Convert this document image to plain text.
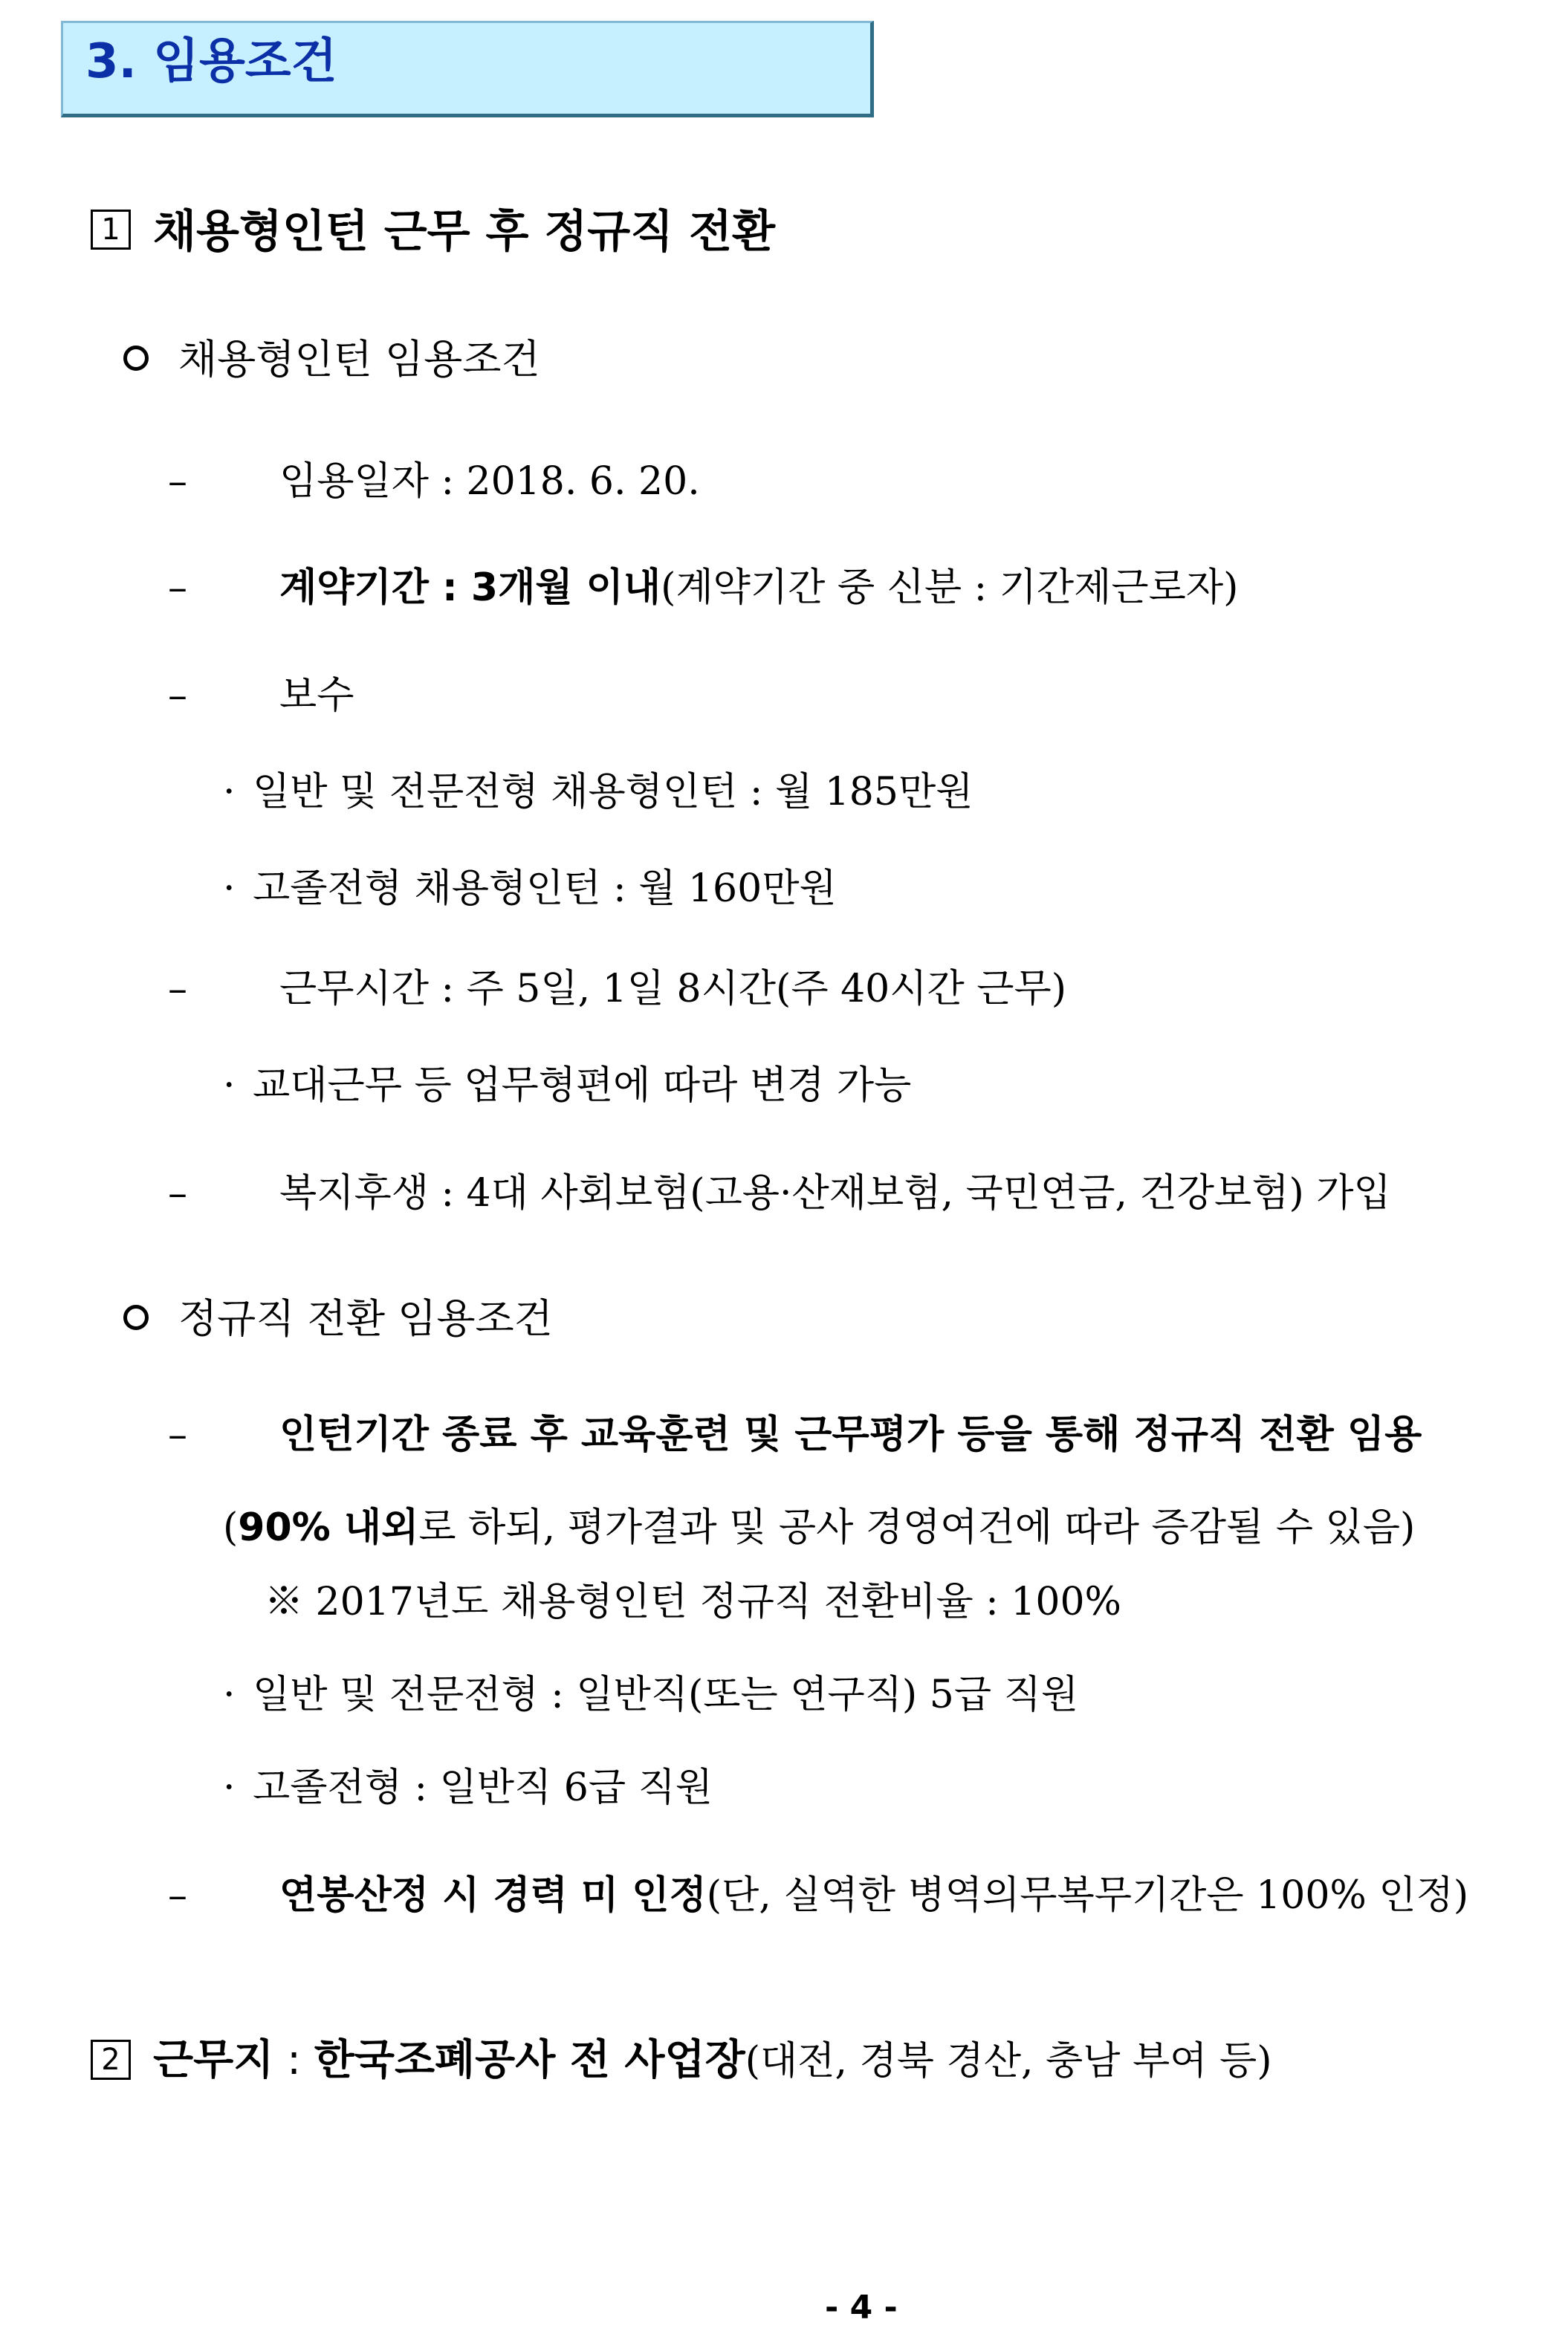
3. 임용조건
1 채용형인턴 근무 후 정규직 전환
채용형인턴 임용조건
– 임용일자 : 2018. 6. 20.
– 계약기간 : 3개월 이내(계약기간 중 신분 : 기간제근로자)
– 보수
· 일반 및 전문전형 채용형인턴 : 월 185만원
· 고졸전형 채용형인턴 : 월 160만원
– 근무시간 : 주 5일, 1일 8시간(주 40시간 근무)
· 교대근무 등 업무형편에 따라 변경 가능
– 복지후생 : 4대 사회보험(고용·산재보험, 국민연금, 건강보험) 가입
정규직 전환 임용조건
– 인턴기간 종료 후 교육훈련 및 근무평가 등을 통해 정규직 전환 임용
(90% 내외로 하되, 평가결과 및 공사 경영여건에 따라 증감될 수 있음)
※ 2017년도 채용형인턴 정규직 전환비율 : 100%
· 일반 및 전문전형 : 일반직(또는 연구직) 5급 직원
· 고졸전형 : 일반직 6급 직원
– 연봉산정 시 경력 미 인정(단, 실역한 병역의무복무기간은 100% 인정)
2 근무지 : 한국조폐공사 전 사업장(대전, 경북 경산, 충남 부여 등)
- 4 -
